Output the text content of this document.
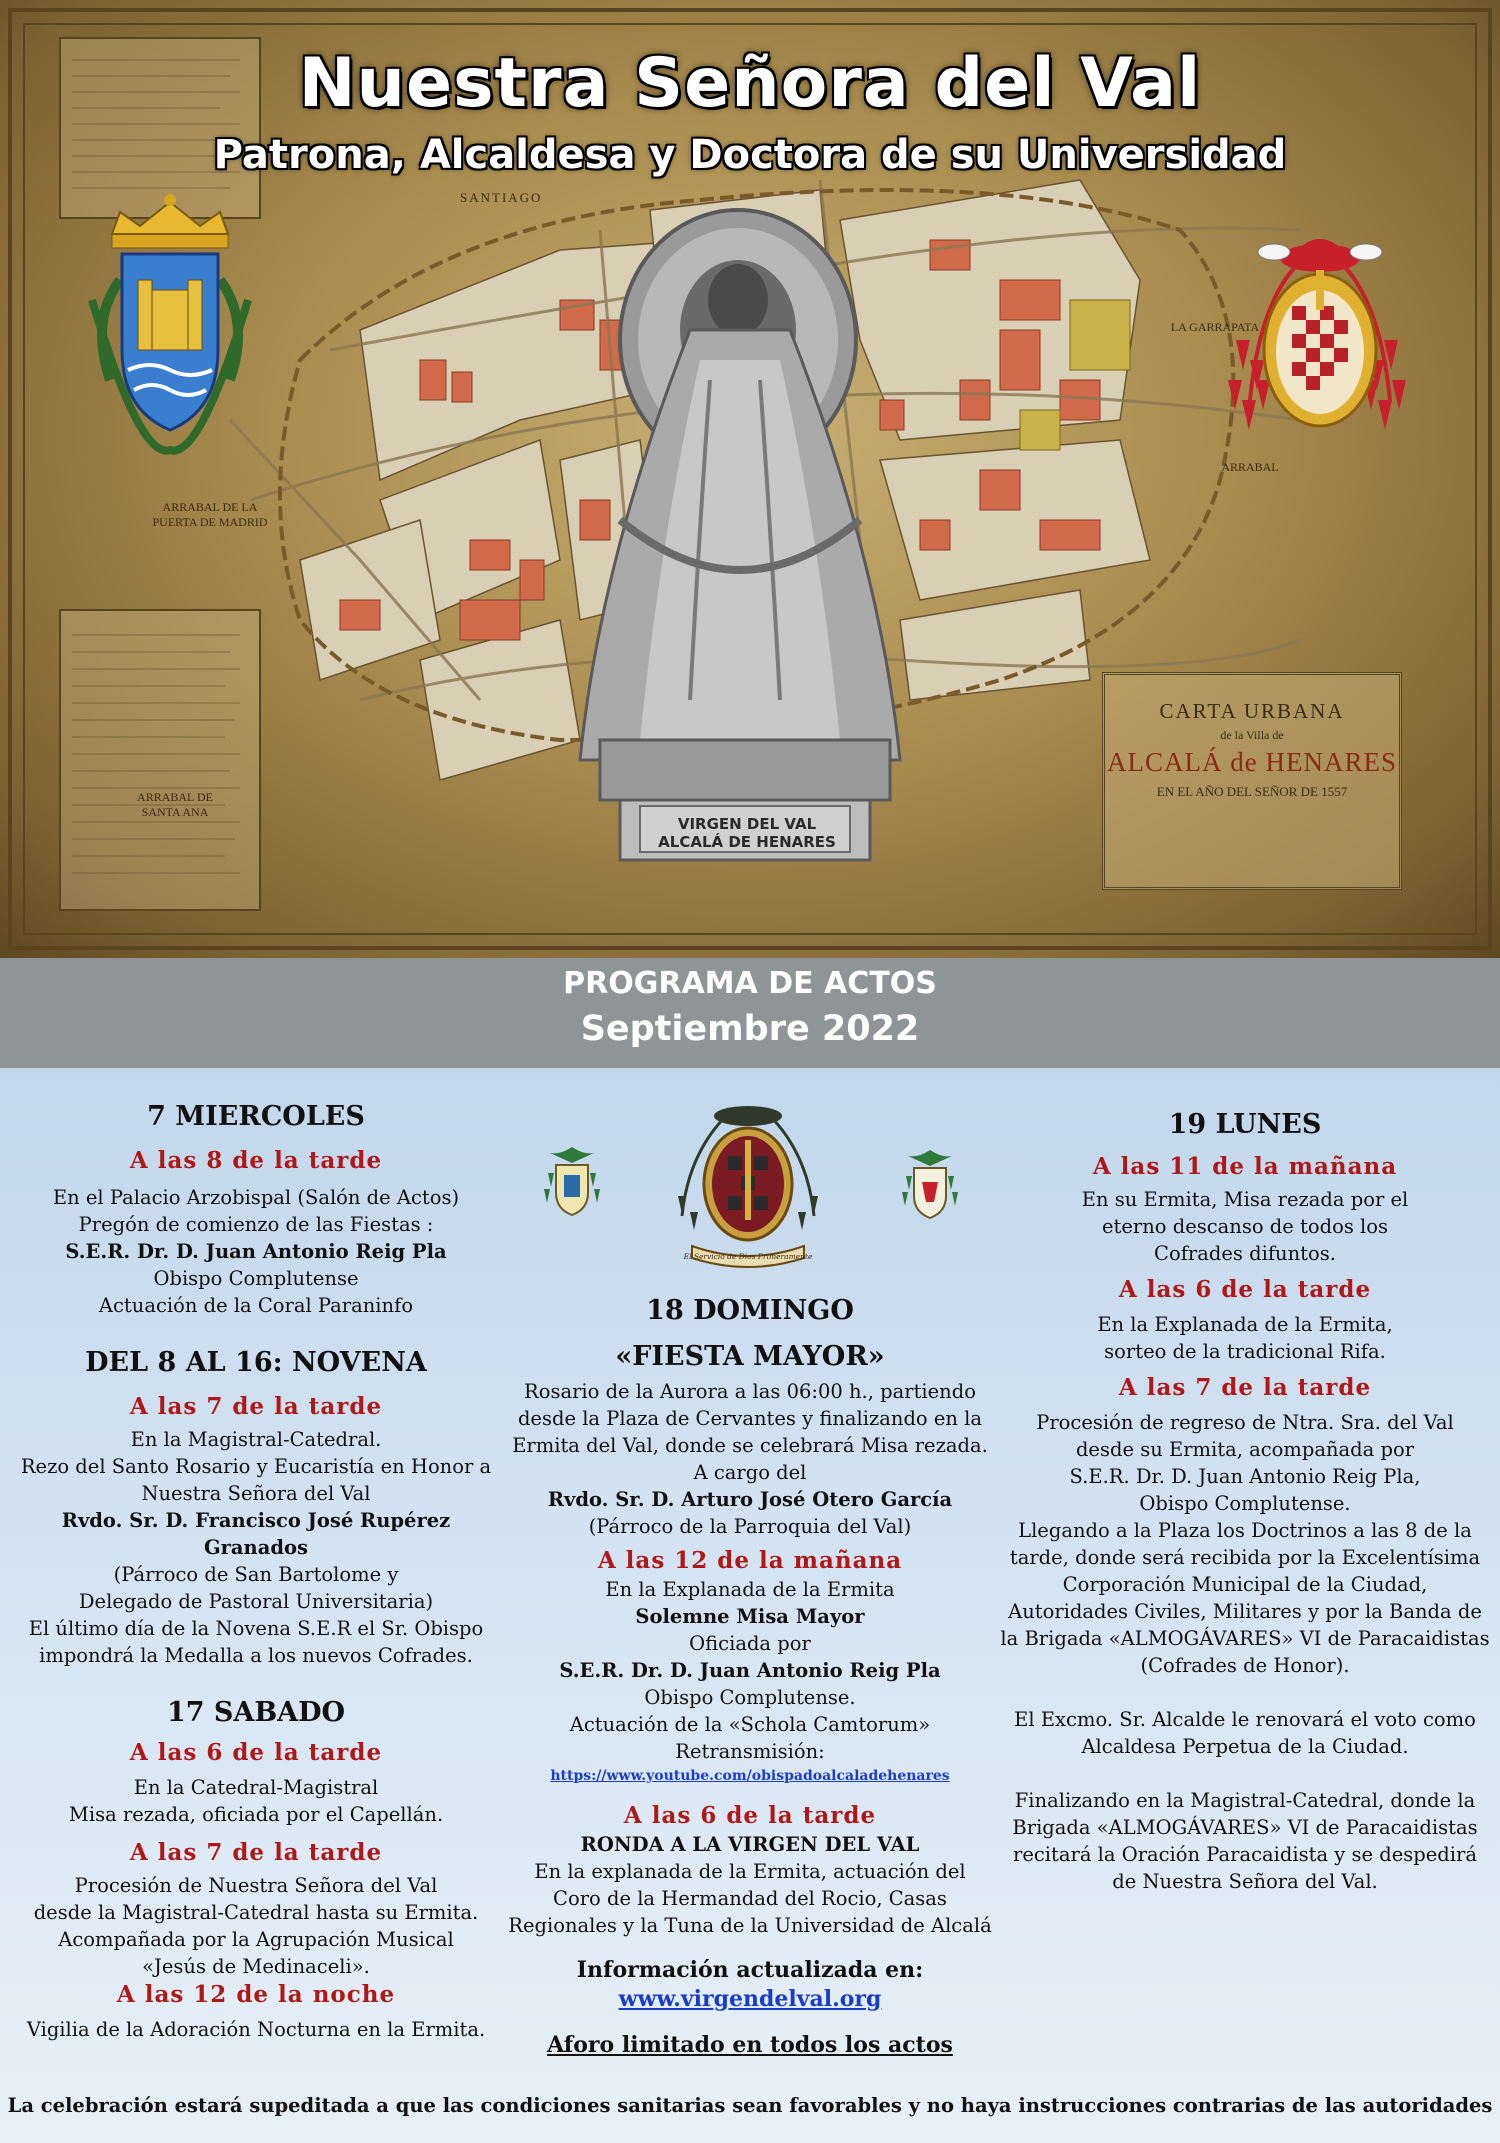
Nuestra Señora del Val
Patrona, Alcaldesa y Doctora de su Universidad
SANTIAGO
LA GARRAPATA
ARRABAL DE LA PUERTA DE MADRID
ARRABAL DE SANTA ANA
ARRABAL
CARTA URBANA
de la Villa de
ALCALÁ de HENARES
EN EL AÑO DEL SEÑOR DE 1557
VIRGEN DEL VAL
ALCALÁ DE HENARES
PROGRAMA DE ACTOS
Septiembre 2022
El Servicio de Dios Primeramente
7 MIERCOLES
A las 8 de la tarde
En el Palacio Arzobispal (Salón de Actos)
Pregón de comienzo de las Fiestas :
S.E.R. Dr. D. Juan Antonio Reig Pla
Obispo Complutense
Actuación de la Coral Paraninfo
DEL 8 AL 16: NOVENA
A las 7 de la tarde
En la Magistral-Catedral.
Rezo del Santo Rosario y Eucaristía en Honor a
Nuestra Señora del Val
Rvdo. Sr. D. Francisco José Rupérez Granados
(Párroco de San Bartolome y
Delegado de Pastoral Universitaria)
El último día de la Novena S.E.R el Sr. Obispo
impondrá la Medalla a los nuevos Cofrades.
17 SABADO
A las 6 de la tarde
En la Catedral-Magistral
Misa rezada, oficiada por el Capellán.
A las 7 de la tarde
Procesión de Nuestra Señora del Val
desde la Magistral-Catedral hasta su Ermita.
Acompañada por la Agrupación Musical
«Jesús de Medinaceli».
A las 12 de la noche
Vigilia de la Adoración Nocturna en la Ermita.
18 DOMINGO
«FIESTA MAYOR»
Rosario de la Aurora a las 06:00 h., partiendo
desde la Plaza de Cervantes y finalizando en la
Ermita del Val, donde se celebrará Misa rezada.
A cargo del
Rvdo. Sr. D. Arturo José Otero García
(Párroco de la Parroquia del Val)
A las 12 de la mañana
En la Explanada de la Ermita
Solemne Misa Mayor
Oficiada por
S.E.R. Dr. D. Juan Antonio Reig Pla
Obispo Complutense.
Actuación de la «Schola Camtorum»
Retransmisión:
https://www.youtube.com/obispadoalcaladehenares
A las 6 de la tarde
RONDA A LA VIRGEN DEL VAL
En la explanada de la Ermita, actuación del
Coro de la Hermandad del Rocio, Casas
Regionales y la Tuna de la Universidad de Alcalá
Información actualizada en:
www.virgendelval.org
Aforo limitado en todos los actos
19 LUNES
A las 11 de la mañana
En su Ermita, Misa rezada por el
eterno descanso de todos los
Cofrades difuntos.
A las 6 de la tarde
En la Explanada de la Ermita,
sorteo de la tradicional Rifa.
A las 7 de la tarde
Procesión de regreso de Ntra. Sra. del Val
desde su Ermita, acompañada por
S.E.R. Dr. D. Juan Antonio Reig Pla,
Obispo Complutense.
Llegando a la Plaza los Doctrinos a las 8 de la
tarde, donde será recibida por la Excelentísima
Corporación Municipal de la Ciudad,
Autoridades Civiles, Militares y por la Banda de
la Brigada «ALMOGÁVARES» VI de Paracaidistas
(Cofrades de Honor).
El Excmo. Sr. Alcalde le renovará el voto como
Alcaldesa Perpetua de la Ciudad.
Finalizando en la Magistral-Catedral, donde la
Brigada «ALMOGÁVARES» VI de Paracaidistas
recitará la Oración Paracaidista y se despedirá
de Nuestra Señora del Val.
La celebración estará supeditada a que las condiciones sanitarias sean favorables y no haya instrucciones contrarias de las autoridades
